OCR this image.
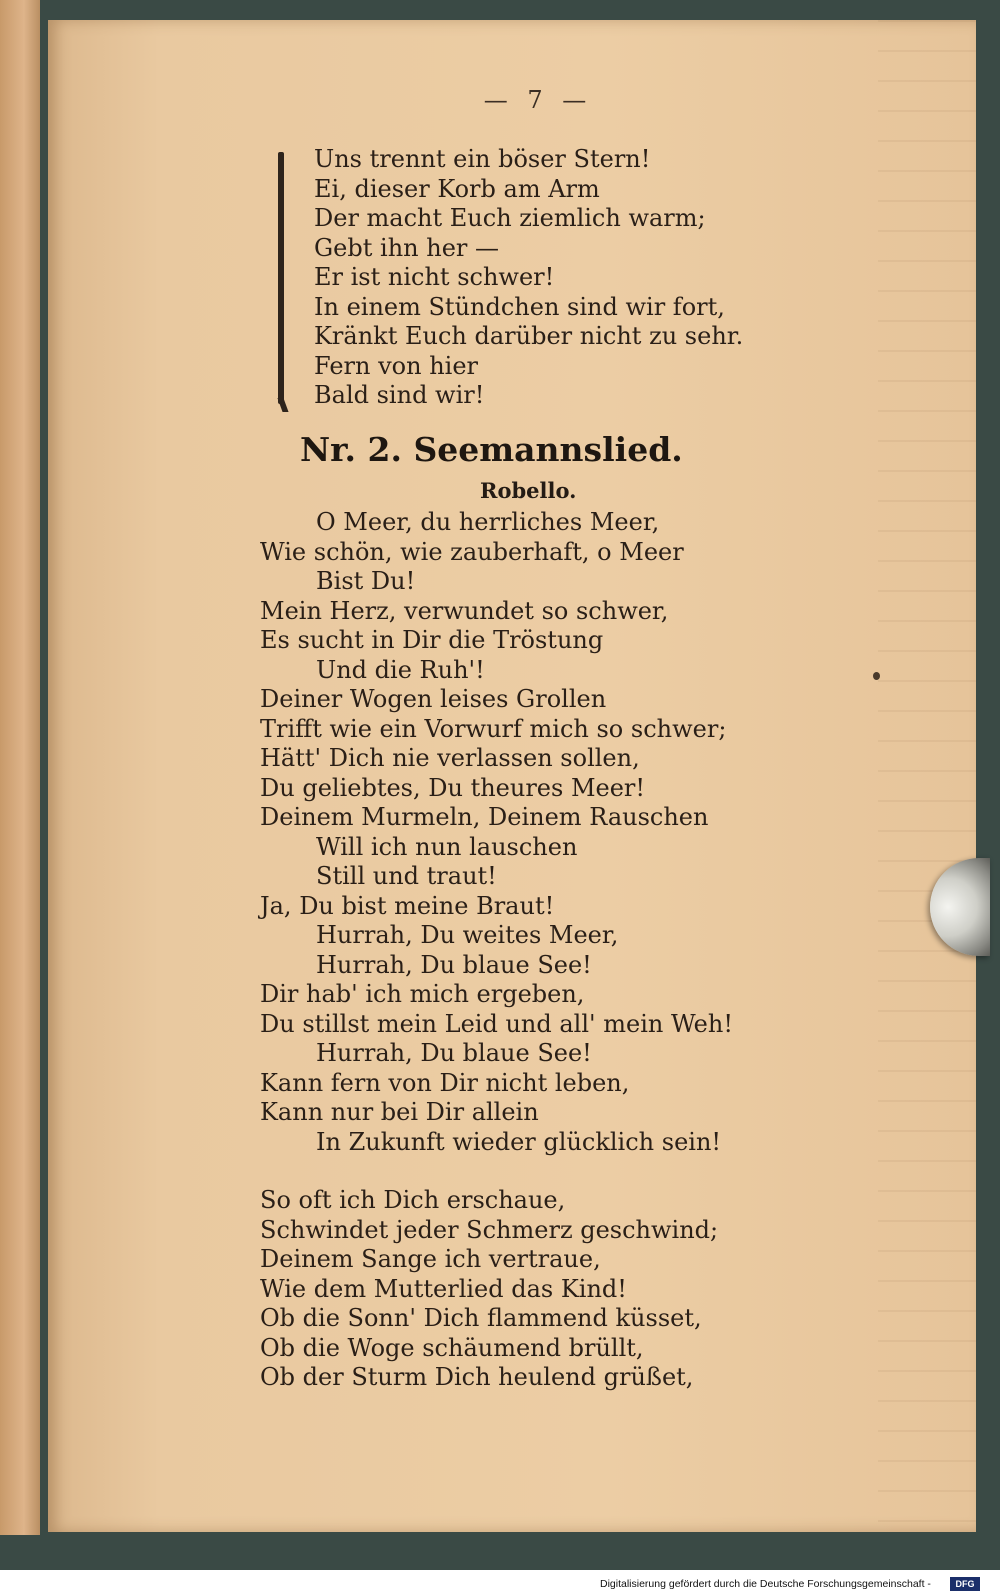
— 7 —
Uns trennt ein böser Stern!
Ei, dieser Korb am Arm
Der macht Euch ziemlich warm;
Gebt ihn her —
Er ist nicht schwer!
In einem Stündchen sind wir fort,
Kränkt Euch darüber nicht zu sehr.
Fern von hier
Bald sind wir!
Nr. 2. Seemannslied.
Robello.
O Meer, du herrliches Meer,
Wie schön, wie zauberhaft, o Meer
Bist Du!
Mein Herz, verwundet so schwer,
Es sucht in Dir die Tröstung
Und die Ruh'!
Deiner Wogen leises Grollen
Trifft wie ein Vorwurf mich so schwer;
Hätt' Dich nie verlassen sollen,
Du geliebtes, Du theures Meer!
Deinem Murmeln, Deinem Rauschen
Will ich nun lauschen
Still und traut!
Ja, Du bist meine Braut!
Hurrah, Du weites Meer,
Hurrah, Du blaue See!
Dir hab' ich mich ergeben,
Du stillst mein Leid und all' mein Weh!
Hurrah, Du blaue See!
Kann fern von Dir nicht leben,
Kann nur bei Dir allein
In Zukunft wieder glücklich sein!
So oft ich Dich erschaue,
Schwindet jeder Schmerz geschwind;
Deinem Sange ich vertraue,
Wie dem Mutterlied das Kind!
Ob die Sonn' Dich flammend küsset,
Ob die Woge schäumend brüllt,
Ob der Sturm Dich heulend grüßet,
Digitalisierung gefördert durch die Deutsche Forschungsgemeinschaft -	DFG
